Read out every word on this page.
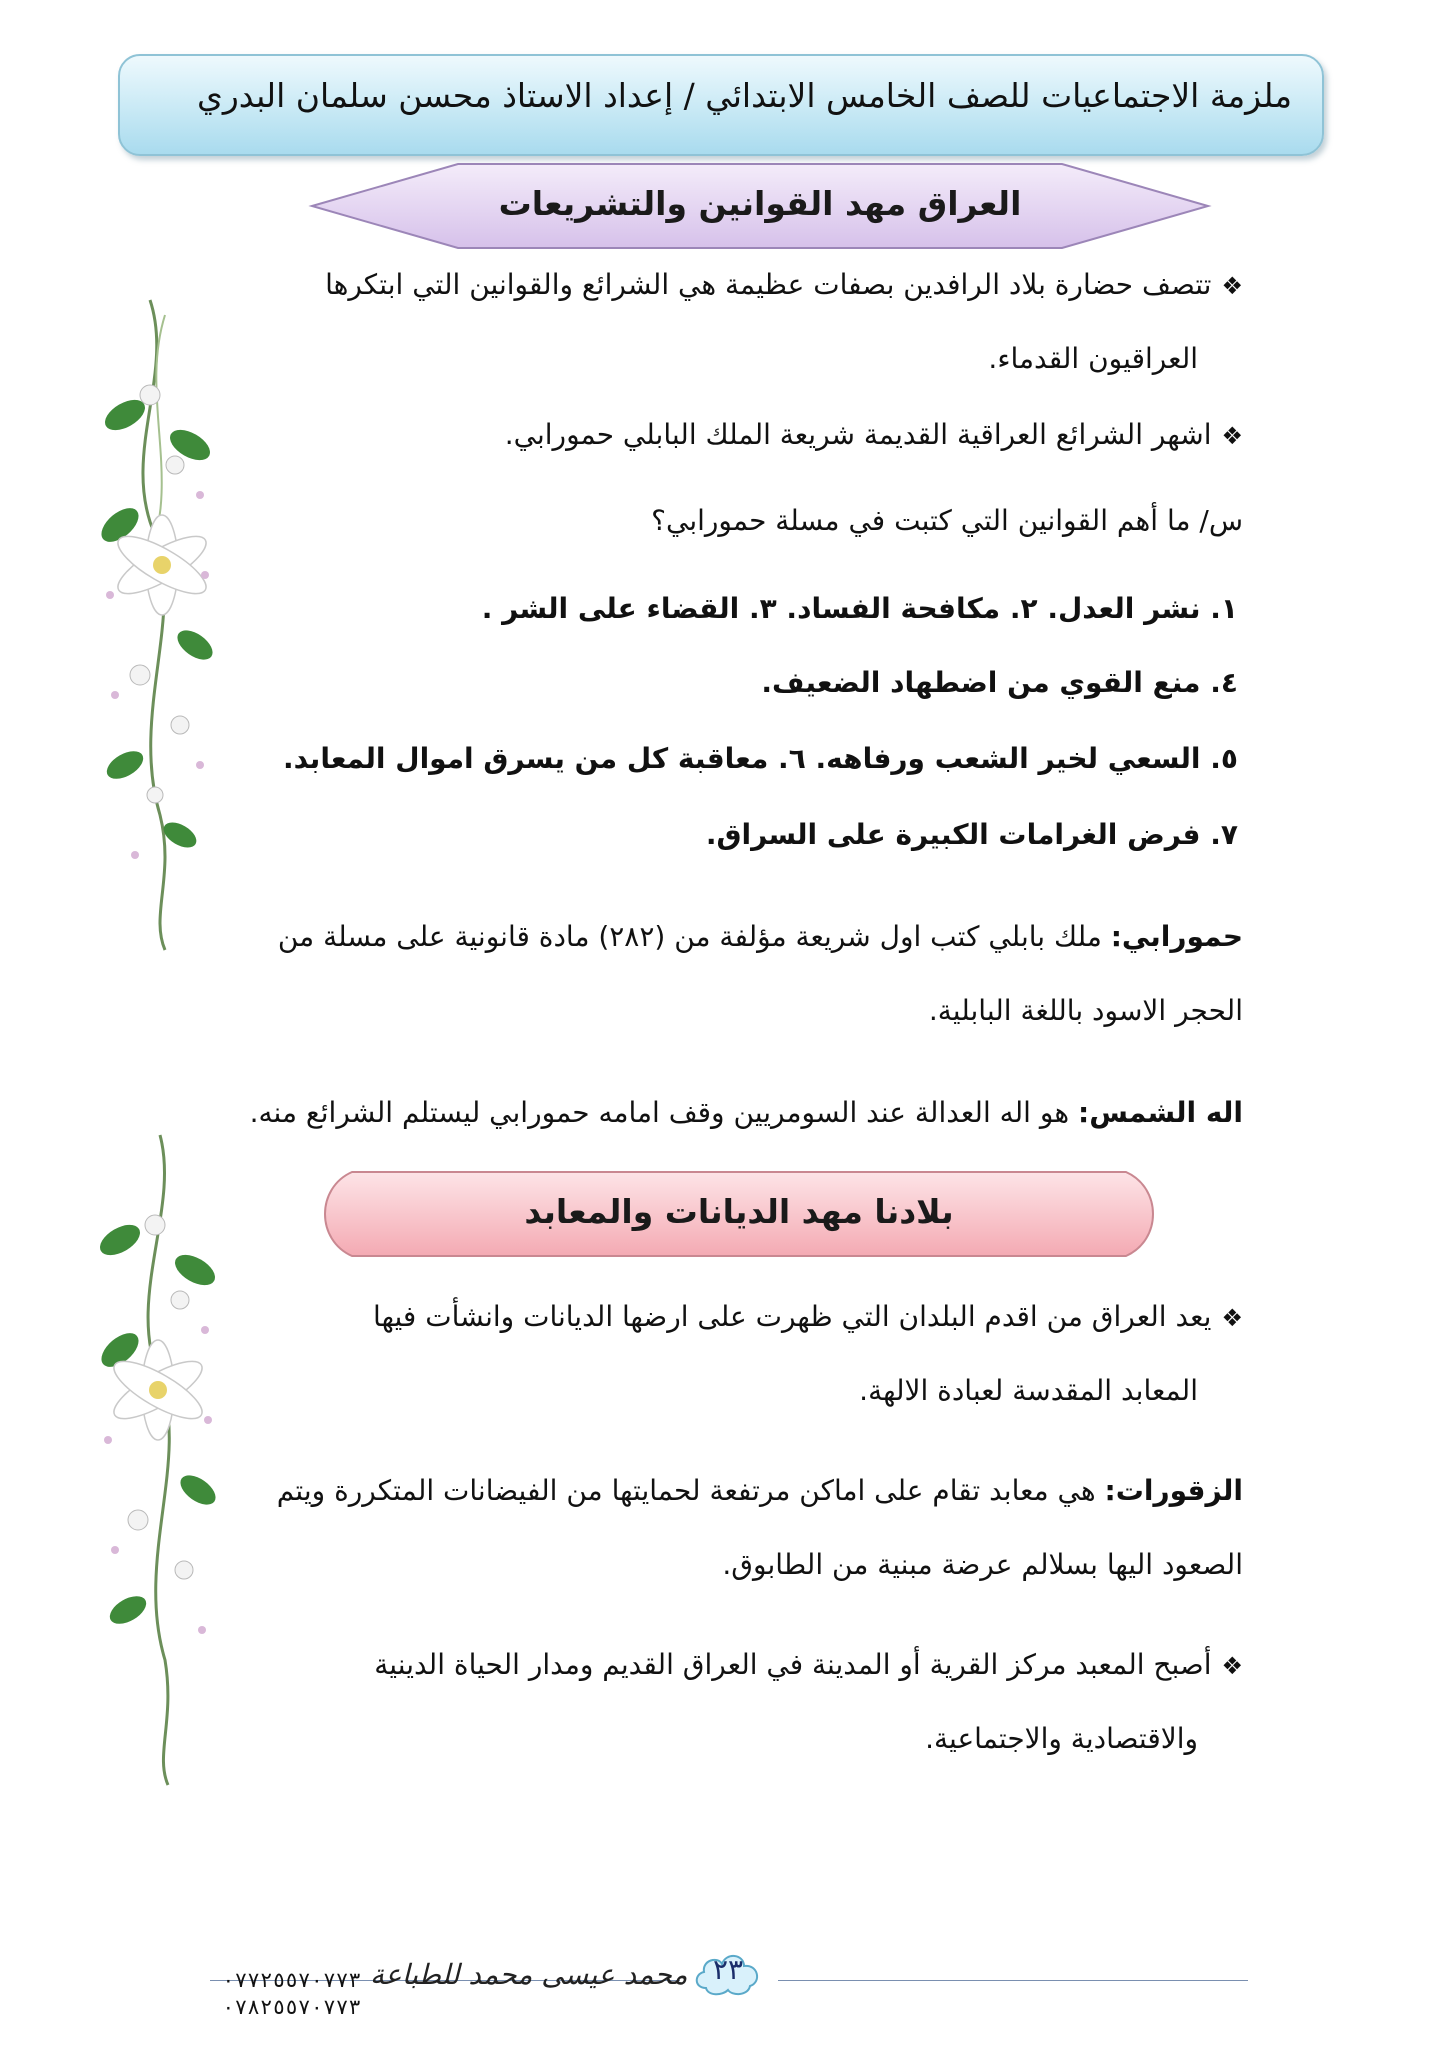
ملزمة الاجتماعيات للصف الخامس الابتدائي / إعداد الاستاذ محسن سلمان البدري
العراق مهد القوانين والتشريعات
❖تتصف حضارة بلاد الرافدين بصفات عظيمة هي الشرائع والقوانين التي ابتكرها
العراقيون القدماء.
❖اشهر الشرائع العراقية القديمة شريعة الملك البابلي حمورابي.
س/ ما أهم القوانين التي كتبت في مسلة حمورابي؟
١. نشر العدل. ٢. مكافحة الفساد. ٣. القضاء على الشر .
٤. منع القوي من اضطهاد الضعيف.
٥. السعي لخير الشعب ورفاهه. ٦. معاقبة كل من يسرق اموال المعابد.
٧. فرض الغرامات الكبيرة على السراق.
حمورابي: ملك بابلي كتب اول شريعة مؤلفة من (٢٨٢) مادة قانونية على مسلة من
الحجر الاسود باللغة البابلية.
اله الشمس: هو اله العدالة عند السومريين وقف امامه حمورابي ليستلم الشرائع منه.
بلادنا مهد الديانات والمعابد
❖يعد العراق من اقدم البلدان التي ظهرت على ارضها الديانات وانشأت فيها
المعابد المقدسة لعبادة الالهة.
الزقورات: هي معابد تقام على اماكن مرتفعة لحمايتها من الفيضانات المتكررة ويتم
الصعود اليها بسلالم عرضة مبنية من الطابوق.
❖أصبح المعبد مركز القرية أو المدينة في العراق القديم ومدار الحياة الدينية
والاقتصادية والاجتماعية.
٢٣
٠٧٧٢٥٥٧٠٧٧٣
٠٧٨٢٥٥٧٠٧٧٣
محمد عيسى محمد للطباعة
